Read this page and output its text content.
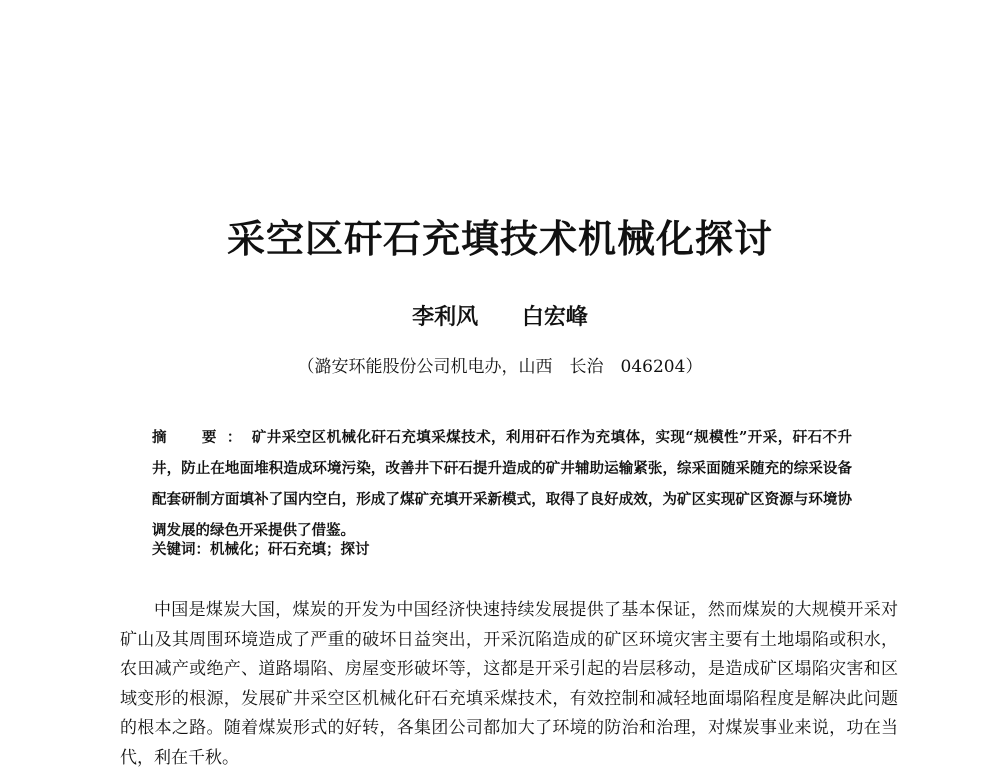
采空区矸石充填技术机械化探讨
李利风 白宏峰
（潞安环能股份公司机电办，山西　长治　046204）
摘　要：矿井采空区机械化矸石充填采煤技术，利用矸石作为充填体，实现“规模性”开采，矸石不升井，防止在地面堆积造成环境污染，改善井下矸石提升造成的矿井辅助运输紧张，综采面随采随充的综采设备配套研制方面填补了国内空白，形成了煤矿充填开采新模式，取得了良好成效，为矿区实现矿区资源与环境协调发展的绿色开采提供了借鉴。
关键词：机械化；矸石充填；探讨
中国是煤炭大国，煤炭的开发为中国经济快速持续发展提供了基本保证，然而煤炭的大规模开采对矿山及其周围环境造成了严重的破坏日益突出，开采沉陷造成的矿区环境灾害主要有土地塌陷或积水，农田减产或绝产、道路塌陷、房屋变形破坏等，这都是开采引起的岩层移动，是造成矿区塌陷灾害和区域变形的根源，发展矿井采空区机械化矸石充填采煤技术，有效控制和减轻地面塌陷程度是解决此问题的根本之路。随着煤炭形式的好转，各集团公司都加大了环境的防治和治理，对煤炭事业来说，功在当代，利在千秋。
